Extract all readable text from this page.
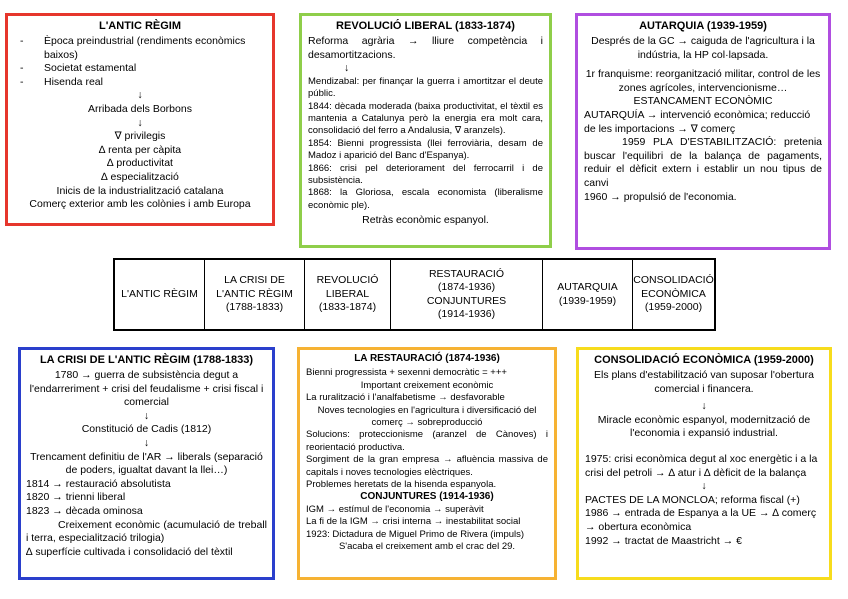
L'ANTIC RÈGIM

- Època preindustrial (rendiments econòmics baixos)

- Societat estamental

- Hisenda real

↓

Arribada dels Borbons

↓

∇ privilegis

∆ renta per càpita

∆ productivitat

∆ especialització

Inicis de la industrialització catalana

Comerç exterior amb les colònies i amb Europa

REVOLUCIÓ LIBERAL (1833-1874)

Reforma agrària → lliure competència i desamortitzacions.

↓

Mendizabal: per finançar la guerra i amortitzar el deute públic.

1844: dècada moderada (baixa productivitat, el tèxtil es mantenia a Catalunya però la energia era molt cara, consolidació del ferro a Andalusia, ∇ aranzels).

1854: Bienni progressista (llei ferroviària, desam de Madoz i aparició del Banc d'Espanya).

1866: crisi pel deteriorament del ferrocarril i de subsistència.

1868: la Gloriosa, escala economista (liberalisme econòmic ple).

Retràs econòmic espanyol.

AUTARQUIA (1939-1959)

Després de la GC → caiguda de l'agricultura i la indústria, la HP col·lapsada.

1r franquisme: reorganització militar, control de les zones agrícoles, intervencionisme…

ESTANCAMENT ECONÒMIC

AUTARQUÍA → intervenció econòmica; reducció de les importacions → ∇ comerç

1959 PLA D'ESTABILITZACIÓ: pretenia buscar l'equilibri de la balança de pagaments, reduir el dèficit extern i establir un nou tipus de canvi

1960 → propulsió de l'economia.

L'ANTIC RÈGIM
LA CRISI DE
L'ANTIC RÈGIM
(1788-1833)
REVOLUCIÓ
LIBERAL
(1833-1874)
RESTAURACIÓ
(1874-1936)
CONJUNTURES
(1914-1936)
AUTARQUIA
(1939-1959)
CONSOLIDACIÓ
ECONÒMICA
(1959-2000)

LA CRISI DE L'ANTIC RÈGIM (1788-1833)

1780 → guerra de subsistència degut a l'endarreriment + crisi del feudalisme + crisi fiscal i comercial

↓

Constitució de Cadis (1812)

↓

Trencament definitiu de l'AR → liberals (separació de poders, igualtat davant la llei…)

1814 → restauració absolutista

1820 → trienni liberal

1823 → dècada ominosa

Creixement econòmic (acumulació de treball i terra, especialització trilogia)

∆ superfície cultivada i consolidació del tèxtil

LA RESTAURACIÓ (1874-1936)

Bienni progressista + sexenni democràtic = +++

Important creixement econòmic

La ruralització i l'analfabetisme → desfavorable

Noves tecnologies en l'agricultura i diversificació del comerç → sobreproducció

Solucions: proteccionisme (aranzel de Cànoves) i reorientació productiva.

Sorgiment de la gran empresa → afluència massiva de capitals i noves tecnologies elèctriques.

Problemes heretats de la hisenda espanyola.

CONJUNTURES (1914-1936)

IGM → estímul de l'economia → superàvit

La fi de la IGM → crisi interna → inestabilitat social

1923: Dictadura de Miguel Primo de Rivera (impuls)

S'acaba el creixement amb el crac del 29.

CONSOLIDACIÓ ECONÒMICA (1959-2000)

Els plans d'estabilització van suposar l'obertura comercial i financera.

↓

Miracle econòmic espanyol, modernització de l'economia i expansió industrial.

1975: crisi econòmica degut al xoc energètic i a la crisi del petroli → ∆ atur i ∆ dèficit de la balança

↓

PACTES DE LA MONCLOA; reforma fiscal (+)

1986 → entrada de Espanya a la UE → ∆ comerç → obertura econòmica

1992 → tractat de Maastricht → €
